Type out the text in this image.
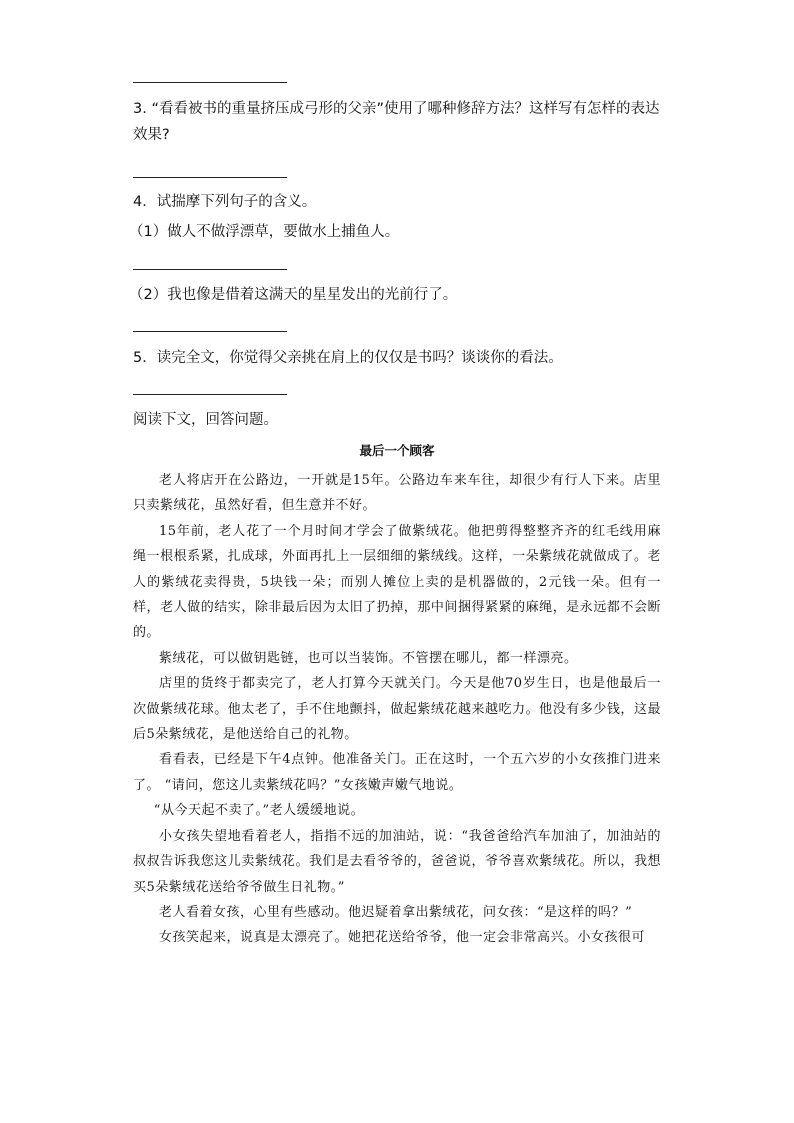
3. “看看被书的重量挤压成弓形的父亲”使用了哪种修辞方法？这样写有怎样的表达效果?

4．试揣摩下列句子的含义。

（1）做人不做浮漂草，要做水上捕鱼人。

（2）我也像是借着这满天的星星发出的光前行了。

5．读完全文，你觉得父亲挑在肩上的仅仅是书吗？谈谈你的看法。

阅读下文，回答问题。

最后一个顾客

老人将店开在公路边，一开就是15年。公路边车来车往，却很少有行人下来。店里只卖紫绒花，虽然好看，但生意并不好。

15年前，老人花了一个月时间才学会了做紫绒花。他把剪得整整齐齐的红毛线用麻绳一根根系紧，扎成球，外面再扎上一层细细的紫绒线。这样，一朵紫绒花就做成了。老人的紫绒花卖得贵，5块钱一朵；而别人摊位上卖的是机器做的，2元钱一朵。但有一样，老人做的结实，除非最后因为太旧了扔掉，那中间捆得紧紧的麻绳，是永远都不会断的。

紫绒花，可以做钥匙链，也可以当装饰。不管摆在哪儿，都一样漂亮。

店里的货终于都卖完了，老人打算今天就关门。今天是他70岁生日，也是他最后一次做紫绒花球。他太老了，手不住地颤抖，做起紫绒花越来越吃力。他没有多少钱，这最后5朵紫绒花，是他送给自己的礼物。

看看表，已经是下午4点钟。他准备关门。正在这时，一个五六岁的小女孩推门进来了。 “请问，您这儿卖紫绒花吗？”女孩嫩声嫩气地说。

“从今天起不卖了。”老人缓缓地说。

小女孩失望地看着老人，指指不远的加油站，说：“我爸爸给汽车加油了，加油站的叔叔告诉我您这儿卖紫绒花。我们是去看爷爷的，爸爸说，爷爷喜欢紫绒花。所以，我想买5朵紫绒花送给爷爷做生日礼物。”

老人看着女孩，心里有些感动。他迟疑着拿出紫绒花，问女孩：“是这样的吗？”

女孩笑起来，说真是太漂亮了。她把花送给爷爷，他一定会非常高兴。小女孩很可
